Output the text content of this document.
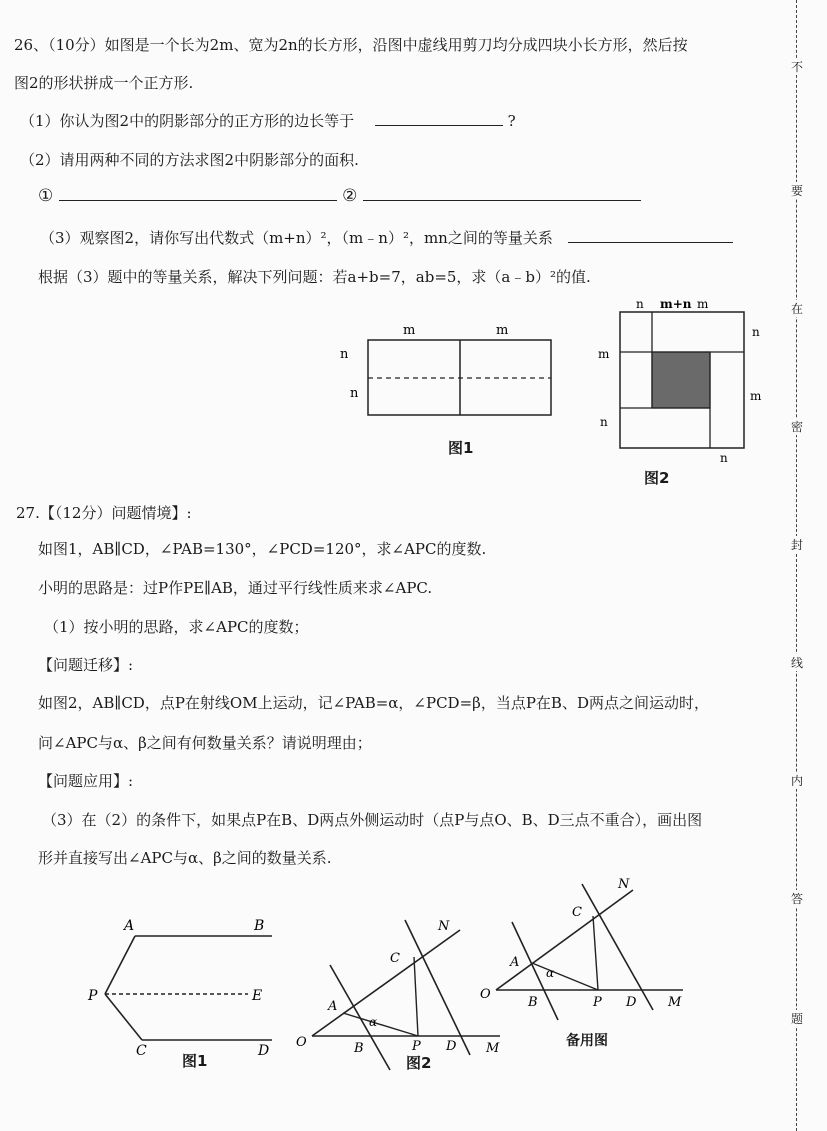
26、（10分）如图是一个长为2m、宽为2n的长方形，沿图中虚线用剪刀均分成四块小长方形，然后按
图2的形状拼成一个正方形.
（1）你认为图2中的阴影部分的正方形的边长等于	?
（2）请用两种不同的方法求图2中阴影部分的面积.
①	②
（3）观察图2，请你写出代数式（m+n）²，（m﹣n）²，mn之间的等量关系
根据（3）题中的等量关系，解决下列问题：若a+b=7，ab=5，求（a﹣b）²的值.
m	m
n
n
图1
n m+n m
n
m
m
n
n
图2
27.【（12分）问题情境】:
如图1，AB∥CD，∠PAB=130°，∠PCD=120°，求∠APC的度数.
小明的思路是：过P作PE∥AB，通过平行线性质来求∠APC.
（1）按小明的思路，求∠APC的度数；
【问题迁移】:
如图2，AB∥CD，点P在射线OM上运动，记∠PAB=α，∠PCD=β，当点P在B、D两点之间运动时，
问∠APC与α、β之间有何数量关系？请说明理由；
【问题应用】:
（3）在（2）的条件下，如果点P在B、D两点外侧运动时（点P与点O、B、D三点不重合），画出图
形并直接写出∠APC与α、β之间的数量关系.
A	B
P	E
C	D
图1
N
C
A
O	B	P D M
α
图2
N
C
A
O
B	P D M
α
备用图
不
要
在
密
封
线
内
答
题
